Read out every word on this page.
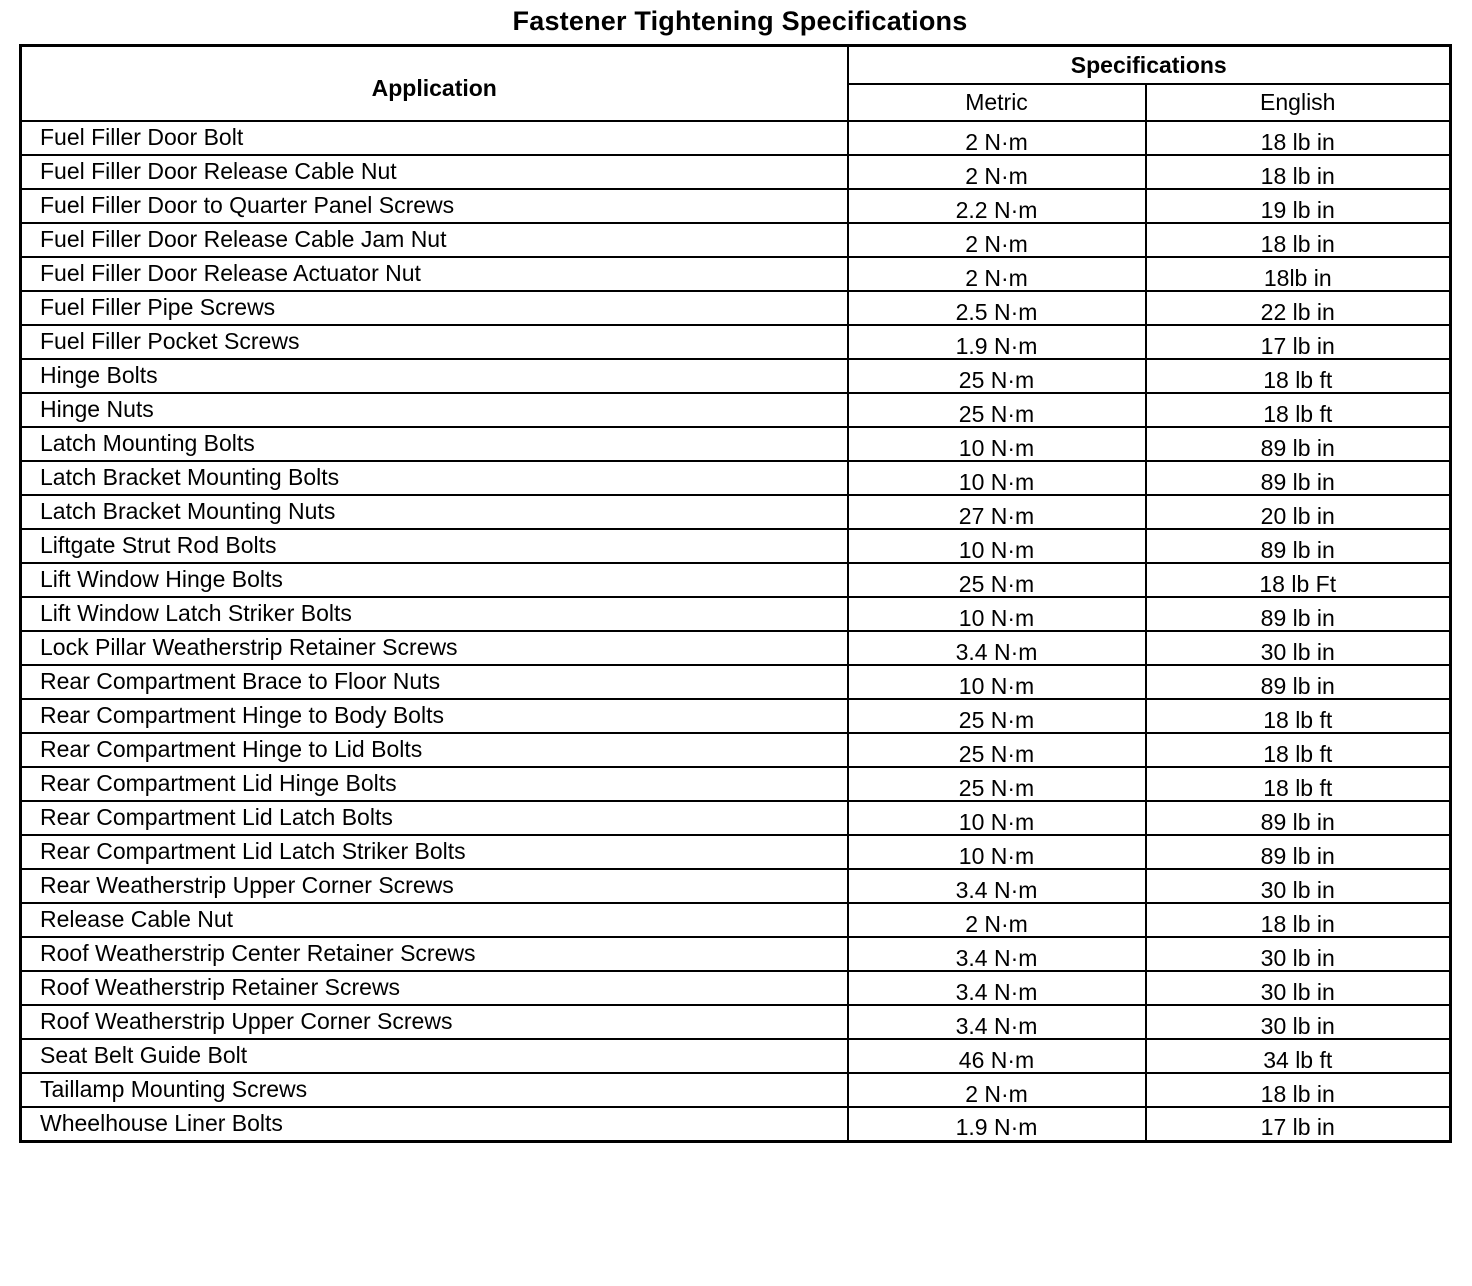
Fastener Tightening Specifications
Application	Specifications	
	Metric	English
Fuel Filler Door Bolt	2 N·m	18 lb in
Fuel Filler Door Release Cable Nut	2 N·m	18 lb in
Fuel Filler Door to Quarter Panel Screws	2.2 N·m	19 lb in
Fuel Filler Door Release Cable Jam Nut	2 N·m	18 lb in
Fuel Filler Door Release Actuator Nut	2 N·m	18lb in
Fuel Filler Pipe Screws	2.5 N·m	22 lb in
Fuel Filler Pocket Screws	1.9 N·m	17 lb in
Hinge Bolts	25 N·m	18 lb ft
Hinge Nuts	25 N·m	18 lb ft
Latch Mounting Bolts	10 N·m	89 lb in
Latch Bracket Mounting Bolts	10 N·m	89 lb in
Latch Bracket Mounting Nuts	27 N·m	20 lb in
Liftgate Strut Rod Bolts	10 N·m	89 lb in
Lift Window Hinge Bolts	25 N·m	18 lb Ft
Lift Window Latch Striker Bolts	10 N·m	89 lb in
Lock Pillar Weatherstrip Retainer Screws	3.4 N·m	30 lb in
Rear Compartment Brace to Floor Nuts	10 N·m	89 lb in
Rear Compartment Hinge to Body Bolts	25 N·m	18 lb ft
Rear Compartment Hinge to Lid Bolts	25 N·m	18 lb ft
Rear Compartment Lid Hinge Bolts	25 N·m	18 lb ft
Rear Compartment Lid Latch Bolts	10 N·m	89 lb in
Rear Compartment Lid Latch Striker Bolts	10 N·m	89 lb in
Rear Weatherstrip Upper Corner Screws	3.4 N·m	30 lb in
Release Cable Nut	2 N·m	18 lb in
Roof Weatherstrip Center Retainer Screws	3.4 N·m	30 lb in
Roof Weatherstrip Retainer Screws	3.4 N·m	30 lb in
Roof Weatherstrip Upper Corner Screws	3.4 N·m	30 lb in
Seat Belt Guide Bolt	46 N·m	34 lb ft
Taillamp Mounting Screws	2 N·m	18 lb in
Wheelhouse Liner Bolts	1.9 N·m	17 lb in
